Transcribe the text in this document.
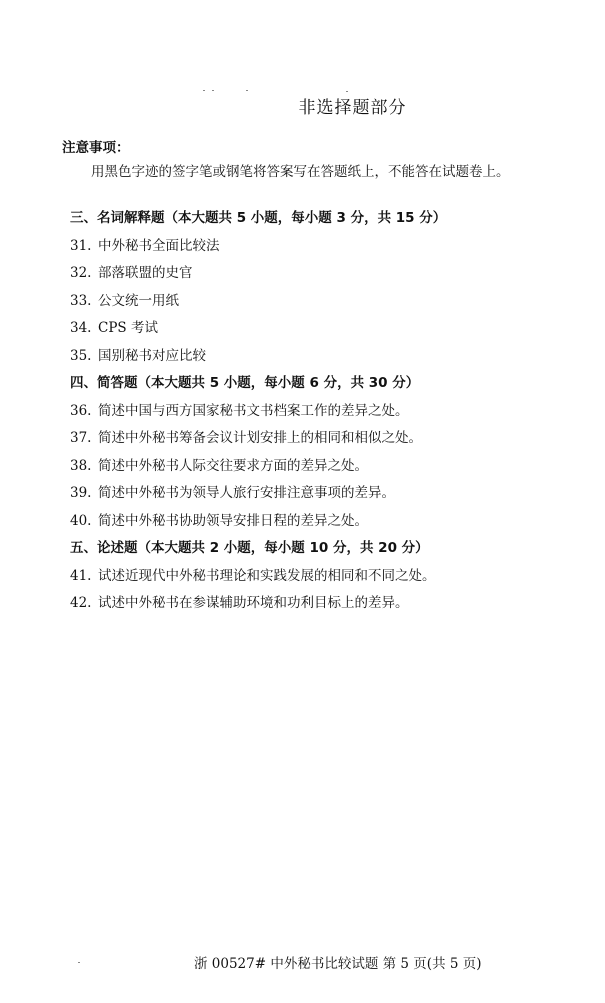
非选择题部分
注意事项：
用黑色字迹的签字笔或钢笔将答案写在答题纸上，不能答在试题卷上。
三、名词解释题（本大题共 5 小题，每小题 3 分，共 15 分）
31. 中外秘书全面比较法
32. 部落联盟的史官
33. 公文统一用纸
34. CPS 考试
35. 国别秘书对应比较
四、简答题（本大题共 5 小题，每小题 6 分，共 30 分）
36. 简述中国与西方国家秘书文书档案工作的差异之处。
37. 简述中外秘书筹备会议计划安排上的相同和相似之处。
38. 简述中外秘书人际交往要求方面的差异之处。
39. 简述中外秘书为领导人旅行安排注意事项的差异。
40. 简述中外秘书协助领导安排日程的差异之处。
五、论述题（本大题共 2 小题，每小题 10 分，共 20 分）
41. 试述近现代中外秘书理论和实践发展的相同和不同之处。
42. 试述中外秘书在参谋辅助环境和功利目标上的差异。
浙 00527# 中外秘书比较试题 第 5 页(共 5 页)
